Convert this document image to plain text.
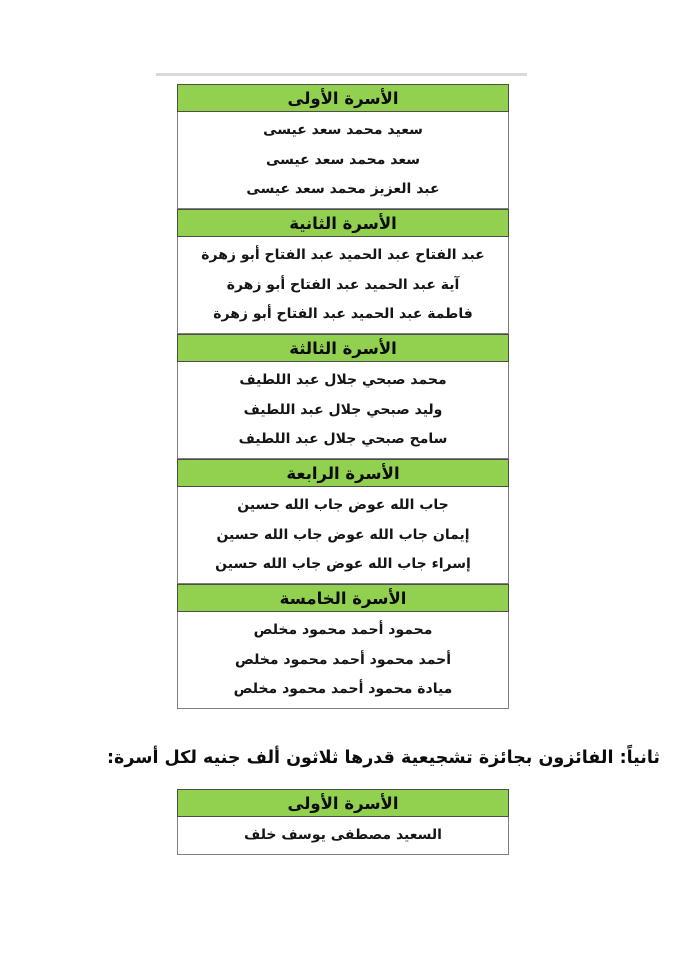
الأسرة الأولى
سعيد محمد سعد عيسى
سعد محمد سعد عيسى
عبد العزيز محمد سعد عيسى
الأسرة الثانية
عبد الفتاح عبد الحميد عبد الفتاح أبو زهرة
آية عبد الحميد عبد الفتاح أبو زهرة
فاطمة عبد الحميد عبد الفتاح أبو زهرة
الأسرة الثالثة
محمد صبحي جلال عبد اللطيف
وليد صبحي جلال عبد اللطيف
سامح صبحي جلال عبد اللطيف
الأسرة الرابعة
جاب الله عوض جاب الله حسين
إيمان جاب الله عوض جاب الله حسين
إسراء جاب الله عوض جاب الله حسين
الأسرة الخامسة
محمود أحمد محمود مخلص
أحمد محمود أحمد محمود مخلص
ميادة محمود أحمد محمود مخلص
ثانياً: الفائزون بجائزة تشجيعية قدرها ثلاثون ألف جنيه لكل أسرة:
الأسرة الأولى
السعيد مصطفى يوسف خلف
